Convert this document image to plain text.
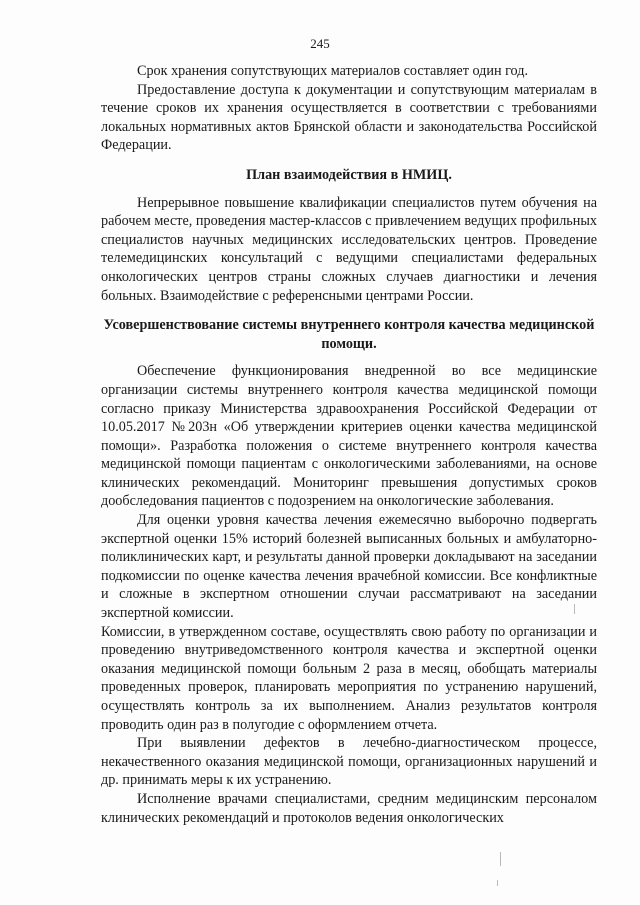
245

Срок хранения сопутствующих материалов составляет один год.

Предоставление доступа к документации и сопутствующим материалам в течение сроков их хранения осуществляется в соответствии с требованиями локальных нормативных актов Брянской области и законодательства Российской Федерации.

План взаимодействия в НМИЦ.

Непрерывное повышение квалификации специалистов путем обучения на рабочем месте, проведения мастер-классов с привлечением ведущих профильных специалистов научных медицинских исследовательских центров. Проведение телемедицинских консультаций с ведущими специалистами федеральных онкологических центров страны сложных случаев диагностики и лечения больных. Взаимодействие с референсными центрами России.

Усовершенствование системы внутреннего контроля качества медицинской помощи.

Обеспечение функционирования внедренной во все медицинские организации системы внутреннего контроля качества медицинской помощи согласно приказу Министерства здравоохранения Российской Федерации от 10.05.2017 №203н «Об утверждении критериев оценки качества медицинской помощи». Разработка положения о системе внутреннего контроля качества медицинской помощи пациентам с онкологическими заболеваниями, на основе клинических рекомендаций. Мониторинг превышения допустимых сроков дообследования пациентов с подозрением на онкологические заболевания.

Для оценки уровня качества лечения ежемесячно выборочно подвергать экспертной оценки 15% историй болезней выписанных больных и амбулаторно-поликлинических карт, и результаты данной проверки докладывают на заседании подкомиссии по оценке качества лечения врачебной комиссии. Все конфликтные и сложные в экспертном отношении случаи рассматривают на заседании экспертной комиссии.

Комиссии, в утвержденном составе, осуществлять свою работу по организации и проведению внутриведомственного контроля качества и экспертной оценки оказания медицинской помощи больным 2 раза в месяц, обобщать материалы проведенных проверок, планировать мероприятия по устранению нарушений, осуществлять контроль за их выполнением. Анализ результатов контроля проводить один раз в полугодие с оформлением отчета.

При выявлении дефектов в лечебно-диагностическом процессе, некачественного оказания медицинской помощи, организационных нарушений и др. принимать меры к их устранению.

Исполнение врачами специалистами, средним медицинским персоналом клинических рекомендаций и протоколов ведения онкологических
